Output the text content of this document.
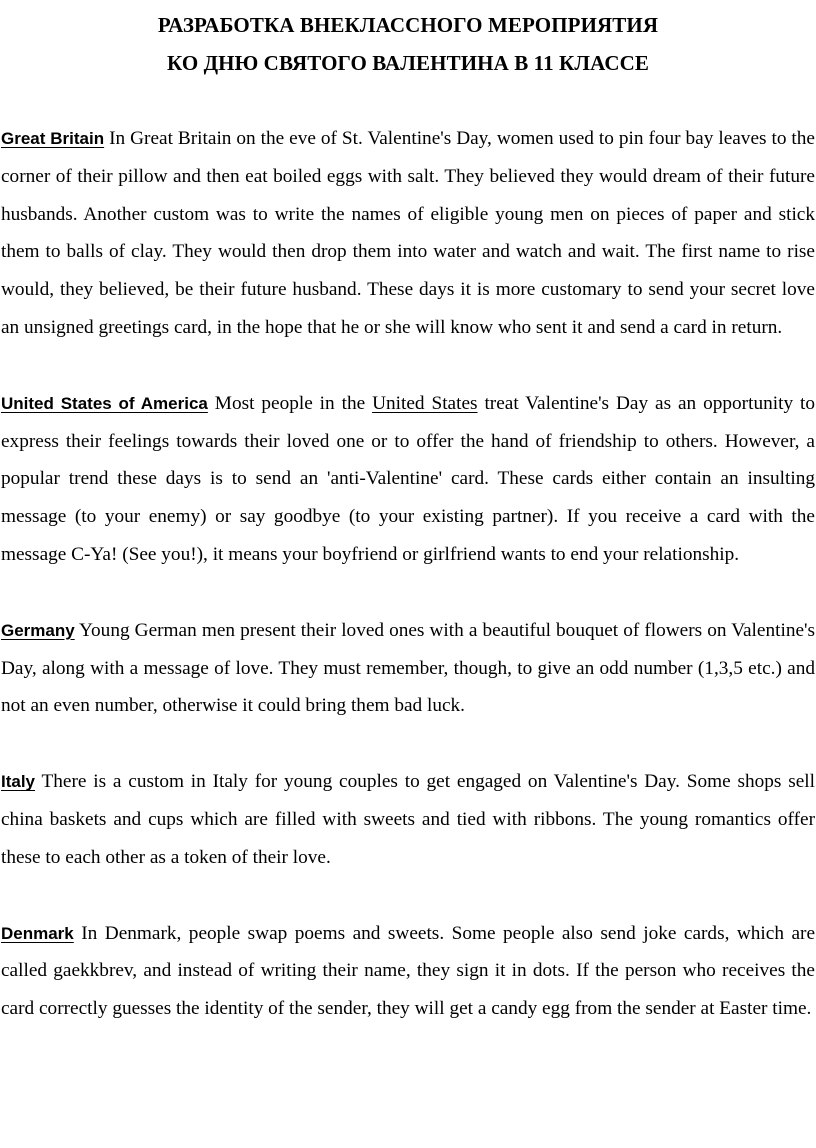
РАЗРАБОТКА ВНЕКЛАССНОГО МЕРОПРИЯТИЯ

КО ДНЮ СВЯТОГО ВАЛЕНТИНА В 11 КЛАССЕ

Great Britain In Great Britain on the eve of St. Valentine's Day, women used to pin four bay leaves to the corner of their pillow and then eat boiled eggs with salt. They believed they would dream of their future husbands. Another custom was to write the names of eligible young men on pieces of paper and stick them to balls of clay. They would then drop them into water and watch and wait. The first name to rise would, they believed, be their future husband. These days it is more customary to send your secret love an unsigned greetings card, in the hope that he or she will know who sent it and send a card in return.

United States of America Most people in the United States treat Valentine's Day as an opportunity to express their feelings towards their loved one or to offer the hand of friendship to others. However, a popular trend these days is to send an 'anti-Valentine' card. These cards either contain an insulting message (to your enemy) or say goodbye (to your existing partner). If you receive a card with the message C-Ya! (See you!), it means your boyfriend or girlfriend wants to end your relationship.

Germany Young German men present their loved ones with a beautiful bouquet of flowers on Valentine's Day, along with a message of love. They must remember, though, to give an odd number (1,3,5 etc.) and not an even number, otherwise it could bring them bad luck.

Italy There is a custom in Italy for young couples to get engaged on Valentine's Day. Some shops sell china baskets and cups which are filled with sweets and tied with ribbons. The young romantics offer these to each other as a token of their love.

Denmark In Denmark, people swap poems and sweets. Some people also send joke cards, which are called gaekkbrev, and instead of writing their name, they sign it in dots. If the person who receives the card correctly guesses the identity of the sender, they will get a candy egg from the sender at Easter time.
